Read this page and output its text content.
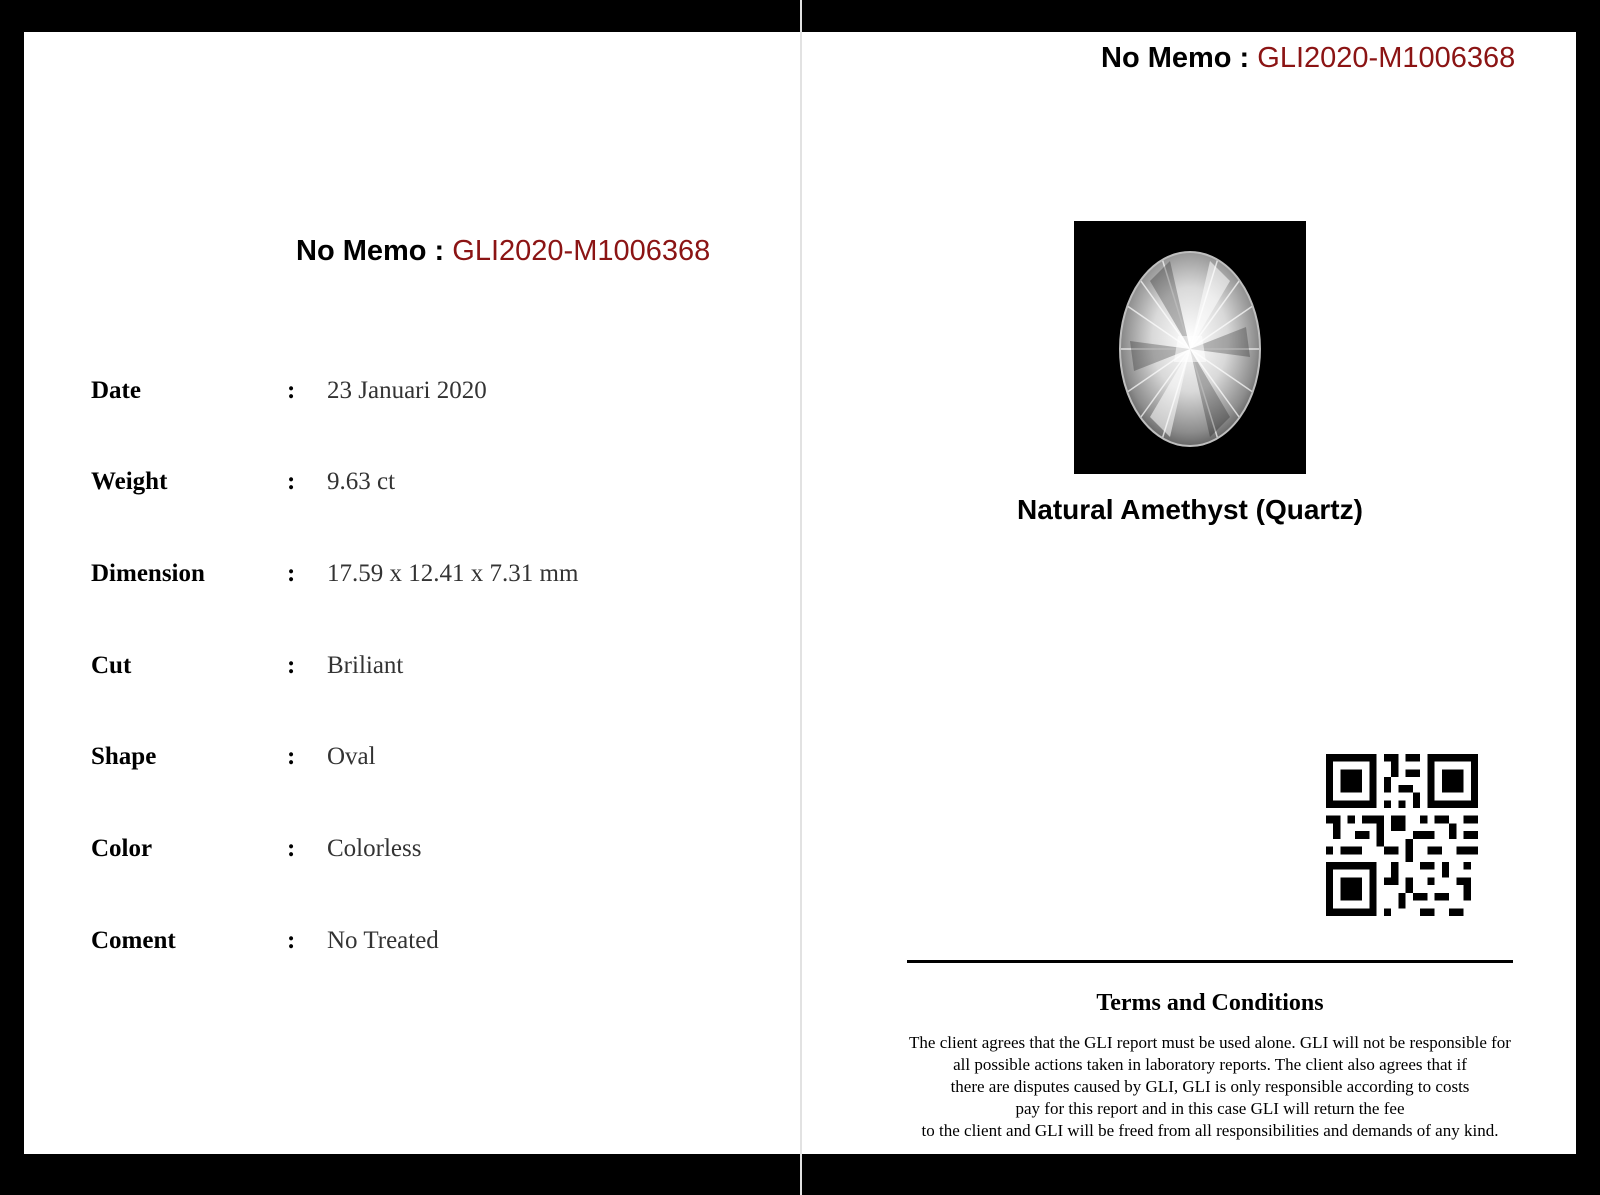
No Memo : GLI2020-M1006368
No Memo : GLI2020-M1006368
Date	: 23 Januari 2020
Weight	: 9.63 ct
Dimension	: 17.59 x 12.41 x 7.31 mm
Cut	: Briliant
Shape	: Oval
Color	: Colorless
Coment	: No Treated
Natural Amethyst (Quartz)
Terms and Conditions
The client agrees that the GLI report must be used alone. GLI will not be responsible for
all possible actions taken in laboratory reports. The client also agrees that if
there are disputes caused by GLI, GLI is only responsible according to costs
pay for this report and in this case GLI will return the fee
to the client and GLI will be freed from all responsibilities and demands of any kind.
